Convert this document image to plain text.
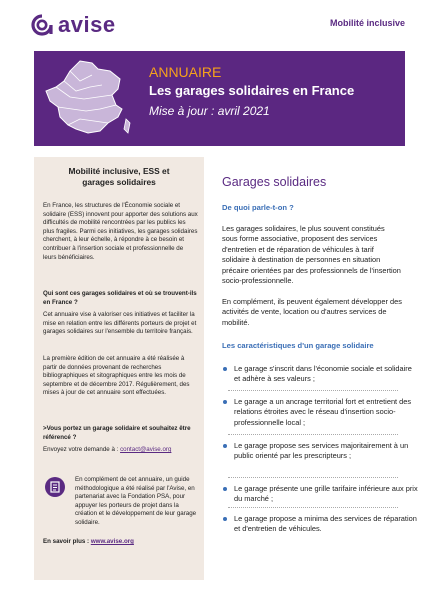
avise	Mobilité inclusive
ANNUAIRE
Les garages solidaires en France
Mise à jour : avril 2021
Mobilité inclusive, ESS et
garages solidaires

En France, les structures de l'Économie sociale et solidaire (ESS) innovent pour apporter des solutions aux difficultés de mobilité rencontrées par les publics les plus fragiles. Parmi ces initiatives, les garages solidaires cherchent, à leur échelle, à répondre à ce besoin et contribuer à l'insertion sociale et professionnelle de leurs bénéficiaires.

Qui sont ces garages solidaires et où se trouvent-ils en France ?

Cet annuaire vise à valoriser ces initiatives et faciliter la mise en relation entre les différents porteurs de projet et garages solidaires sur l'ensemble du territoire français.

La première édition de cet annuaire a été réalisée à partir de données provenant de recherches bibliographiques et sitographiques entre les mois de septembre et de décembre 2017. Régulièrement, des mises à jour de cet annuaire sont effectuées.

>Vous portez un garage solidaire et souhaitez être référencé ?

Envoyez votre demande à : contact@avise.org

En complément de cet annuaire, un guide méthodologique a été réalisé par l'Avise, en partenariat avec la Fondation PSA, pour appuyer les porteurs de projet dans la création et le développement de leur garage solidaire.

En savoir plus : www.avise.org
Garages solidaires
De quoi parle-t-on ?

Les garages solidaires, le plus souvent constitués sous forme associative, proposent des services d'entretien et de réparation de véhicules à tarif solidaire à destination de personnes en situation précaire orientées par des professionnels de l'insertion socio-professionnelle.

En complément, ils peuvent également développer des activités de vente, location ou d'autres services de mobilité.

Les caractéristiques d'un garage solidaire

Le garage s'inscrit dans l'économie sociale et solidaire et adhère à ses valeurs ;

Le garage a un ancrage territorial fort et entretient des relations étroites avec le réseau d'insertion socio-professionnelle local ;

Le garage propose ses services majoritairement à un public orienté par les prescripteurs ;

Le garage présente une grille tarifaire inférieure aux prix du marché ;

Le garage propose a minima des services de réparation et d'entretien de véhicules.
